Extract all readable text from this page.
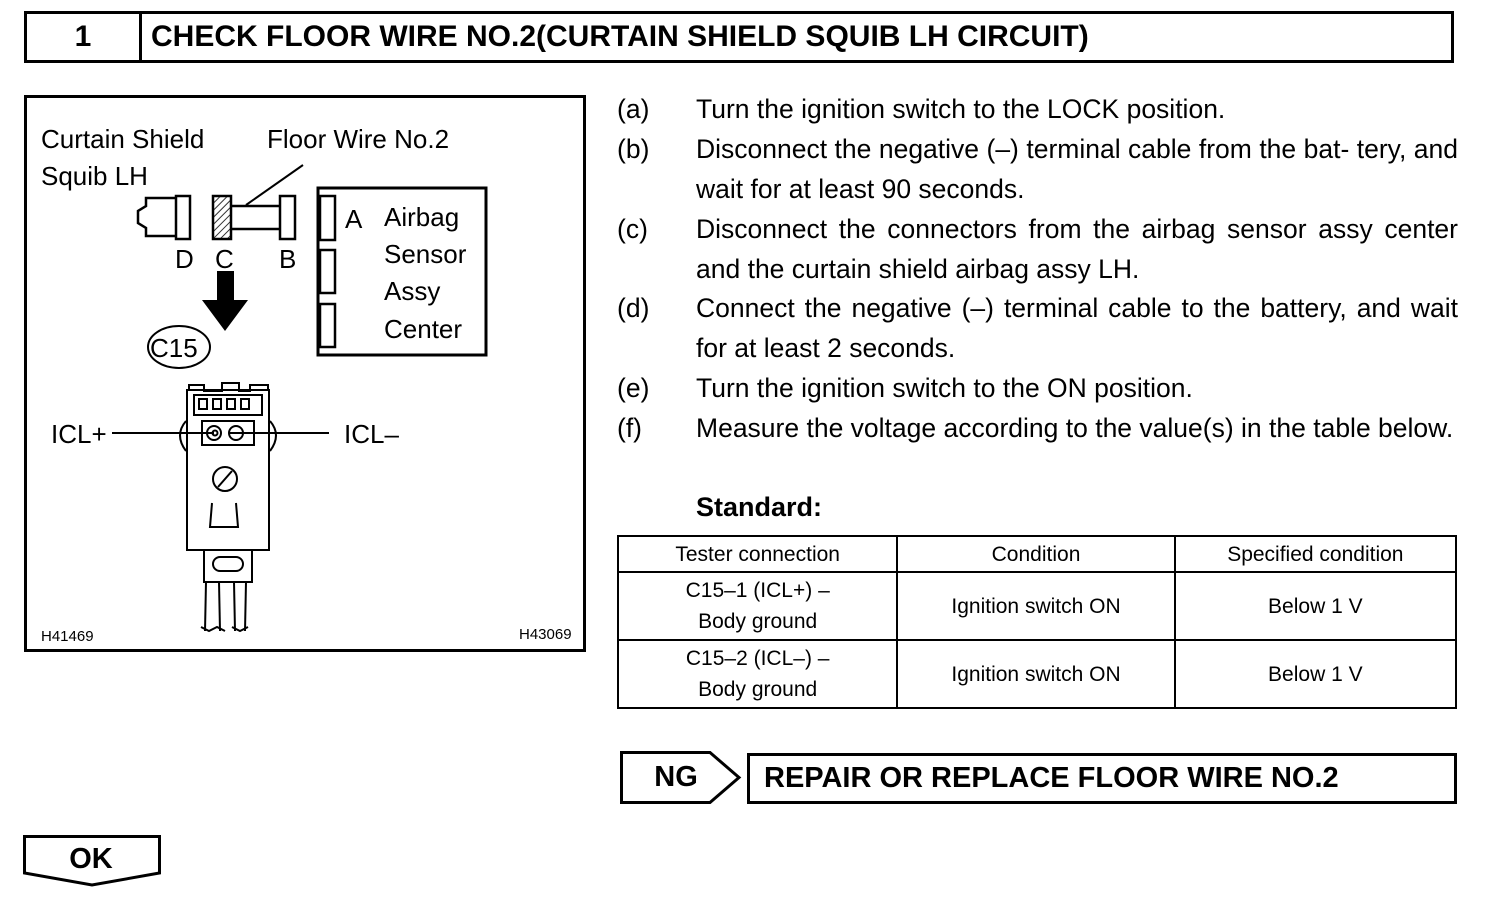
1	CHECK FLOOR WIRE NO.2(CURTAIN SHIELD SQUIB LH CIRCUIT)
Curtain Shield
Squib LH
Floor Wire No.2
D C B
A Airbag
Sensor
Assy
Center
C15
ICL+	ICL–
H41469	H43069
(a)	Turn the ignition switch to the LOCK position.
(b)	Disconnect the negative (–) terminal cable from the bat- tery, and wait for at least 90 seconds.
(c)	Disconnect the connectors from the airbag sensor assy center and the curtain shield airbag assy LH.
(d)	Connect the negative (–) terminal cable to the battery, and wait for at least 2 seconds.
(e)	Turn the ignition switch to the ON position.
(f)	Measure the voltage according to the value(s) in the table below.
Standard:
Tester connection	Condition	Specified condition

C15–1 (ICL+) –
Body ground	Ignition switch ON	Below 1 V

C15–2 (ICL–) –
Body ground	Ignition switch ON	Below 1 V
NG	REPAIR OR REPLACE FLOOR WIRE NO.2
OK
